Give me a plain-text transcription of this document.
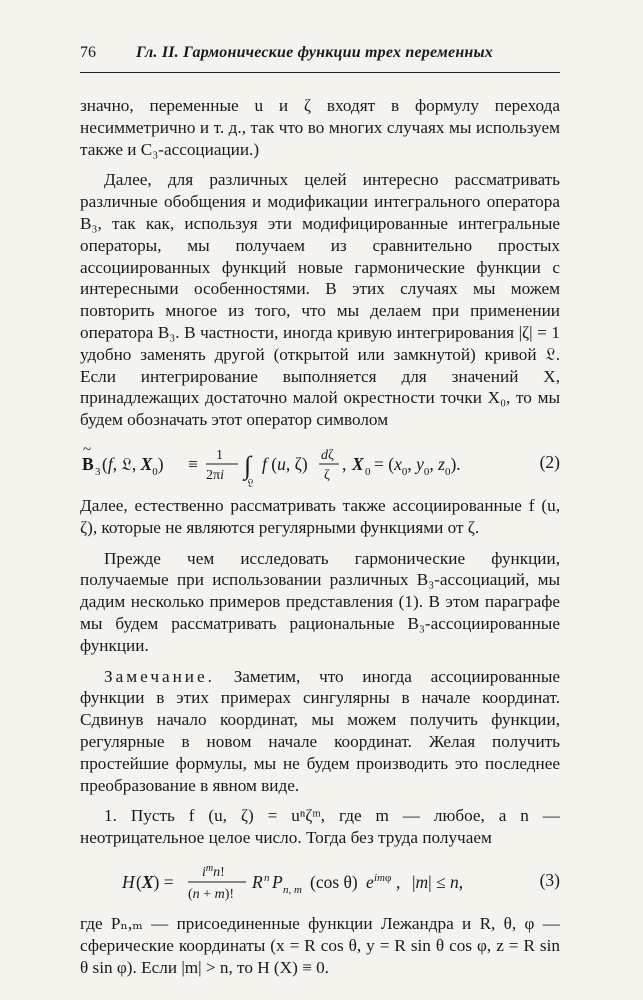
76	Гл. II. Гармонические функции трех переменных

значно, переменные u и ζ входят в формулу перехода несимметрично и т. д., так что во многих случаях мы используем также и C₃-ассоциации.)

Далее, для различных целей интересно рассматривать различные обобщения и модификации интегрального оператора B₃, так как, используя эти модифицированные интегральные операторы, мы получаем из сравнительно простых ассоциированных функций новые гармонические функции с интересными особенностями. В этих случаях мы можем повторить многое из того, что мы делаем при применении оператора B₃. В частности, иногда кривую интегрирования |ζ| = 1 удобно заменять другой (открытой или замкнутой) кривой 𝔏. Если интегрирование выполняется для значений X, принадлежащих достаточно малой окрестности точки X₀, то мы будем обозначать этот оператор символом

B
~
3 (f, 𝔏, $X_0) \equiv 1$
2πi ∫
𝔏
f (u, ζ) dζ
ζ
, X $0 = (x_0$, $y_0$, $z_0$).	(2)

Далее, естественно рассматривать также ассоциированные f (u, ζ), которые не являются регулярными функциями от ζ.

Прежде чем исследовать гармонические функции, получаемые при использовании различных B₃-ассоциаций, мы дадим несколько примеров представления (1). В этом параграфе мы будем рассматривать рациональные B₃-ассоциированные функции.

Замечание. Заметим, что иногда ассоциированные функции в этих примерах сингулярны в начале координат. Сдвинув начало координат, мы можем получить функции, регулярные в новом начале координат. Желая получить простейшие формулы, мы не будем производить это последнее преобразование в явном виде.

1. Пусть f (u, ζ) = uⁿζᵐ, где m — любое, а n — неотрицательное целое число. Тогда без труда получаем

H $(X) = i^mn$!
(n + m)!
R n P n, m (cos θ) e imφ , |m| ≤ n,	(3)

где Pₙ,ₘ — присоединенные функции Лежандра и R, θ, φ — сферические координаты (x = R cos θ, y = R sin θ cos φ, z = R sin θ sin φ). Если |m| > n, то H (X) ≡ 0.
